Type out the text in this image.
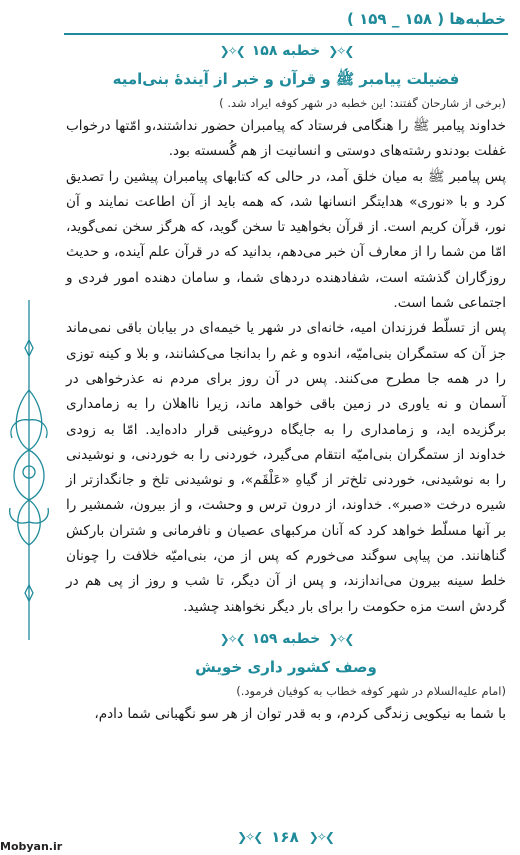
خطبه‌ها ( ۱۵۸ _ ۱۵۹ )
❯✧❮
خطبه ۱۵۸
❯✧❮
فضیلت پیامبر ﷺ و قرآن و خبر از آیندۀ بنی‌امیه
(برخی از شارحان گفتند: این خطبه در شهر کوفه ایراد شد. )

خداوند پیامبر ﷺ را هنگامی فرستاد که پیامبران حضور نداشتند،و امّتها درخواب غفلت بودندو رشته‌های دوستی و انسانیت از هم گُسسته بود.

پس پیامبر ﷺ به میان خلق آمد، در حالی که کتابهای پیامبران پیشین را تصدیق کرد و با «نوری» هدایتگر انسانها شد، که همه باید از آن اطاعت نمایند و آن نور، قرآن کریم است. از قرآن بخواهید تا سخن گوید، که هرگز سخن نمی‌گوید، امّا من شما را از معارف آن خبر می‌دهم، بدانید که در قرآن علم آینده، و حدیث روزگاران گذشته است، شفادهنده دردهای شما، و سامان دهنده امور فردی و اجتماعی شما است.

پس از تسلّط فرزندان امیه، خانه‌ای در شهر یا خیمه‌ای در بیابان باقی نمی‌ماند جز آن که ستمگران بنی‌امیّه، اندوه و غم را بدانجا می‌کشانند، و بلا و کینه توزی را در همه جا مطرح می‌کنند. پس در آن روز برای مردم نه عذرخواهی در آسمان و نه یاوری در زمین باقی خواهد ماند، زیرا نااهلان را به زمامداری برگزیده اید، و زمامداری را به جایگاه دروغینی قرار داده‌اید. امّا به زودی خداوند از ستمگران بنی‌امیّه انتقام می‌گیرد، خوردنی را به خوردنی، و نوشیدنی را به نوشیدنی، خوردنی تلخ‌تر از گیاهِ «عَلْقَم»، و نوشیدنی تلخ و جانگدازتر از شیره درخت «صبر». خداوند، از درون ترس و وحشت، و از بیرون، شمشیر را بر آنها مسلّط خواهد کرد که آنان مرکبهای عصیان و نافرمانی و شتران بارکش گناهانند. من پیاپی سوگند می‌خورم که پس از من، بنی‌امیّه خلافت را چونان خلط سینه بیرون می‌اندازند، و پس از آن دیگر، تا شب و روز از پی هم در گردش است مزه حکومت را برای بار دیگر نخواهند چشید.

❯✧❮
خطبه ۱۵۹
❯✧❮
وصف کشور داری خویش
(امام علیه‌السلام در شهر کوفه خطاب به کوفیان فرمود.)

با شما به نیکویی زندگی کردم، و به قدر توان از هر سو نگهبانی شما دادم،

❯✧❮ ۱۶۸ ❯✧❮
Mobyan.ir
